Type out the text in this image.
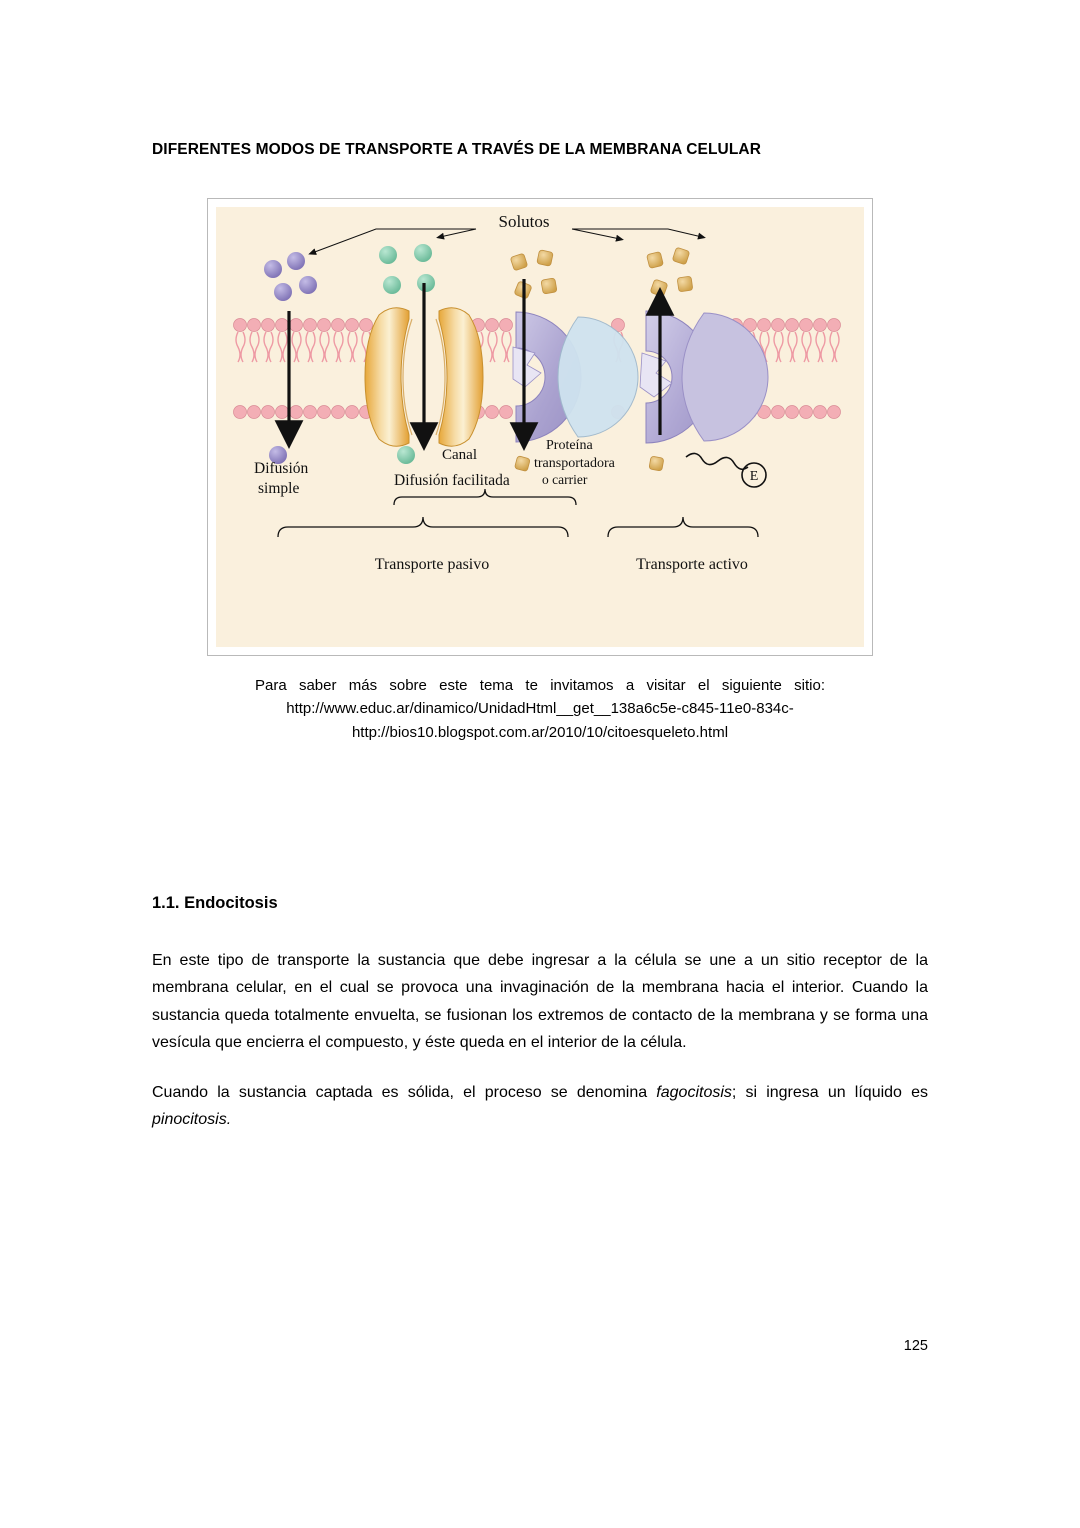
DIFERENTES MODOS DE TRANSPORTE A TRAVÉS DE LA MEMBRANA CELULAR
E
Solutos
Canal
Difusión
simple	Difusión facilitada
Proteína
transportadora
o carrier
Transporte pasivo	Transporte activo
Para saber más sobre este tema te invitamos a visitar el siguiente sitio:
http://www.educ.ar/dinamico/UnidadHtml__get__138a6c5e-c845-11e0-834c-
http://bios10.blogspot.com.ar/2010/10/citoesqueleto.html
1.1. Endocitosis

En este tipo de transporte la sustancia que debe ingresar a la célula se une a un sitio receptor de la membrana celular, en el cual se provoca una invaginación de la membrana hacia el interior. Cuando la sustancia queda totalmente envuelta, se fusionan los extremos de contacto de la membrana y se forma una vesícula que encierra el compuesto, y éste queda en el interior de la célula.

Cuando la sustancia captada es sólida, el proceso se denomina fagocitosis; si ingresa un líquido es pinocitosis.

125
